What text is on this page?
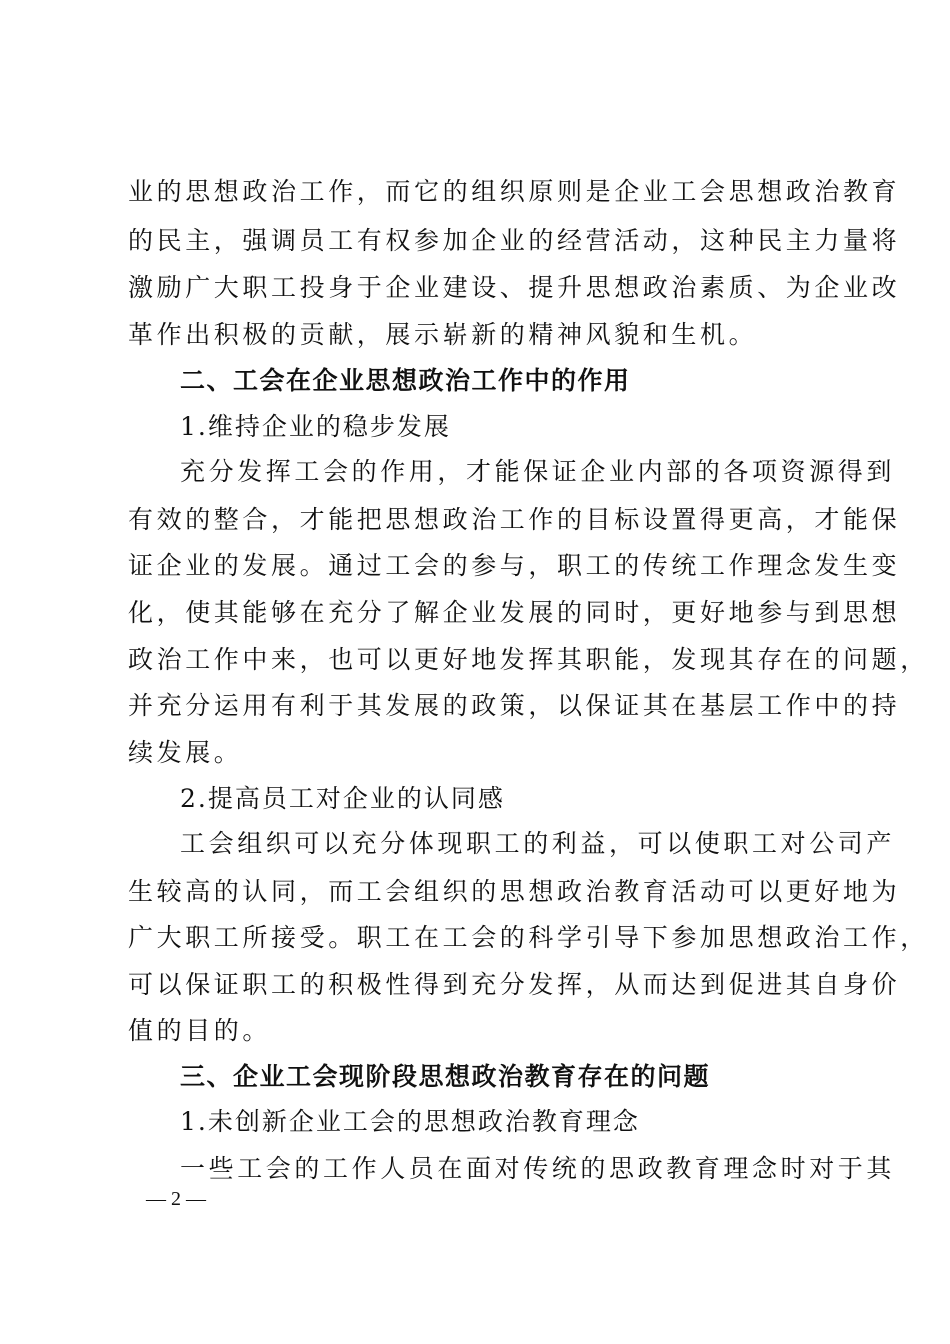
业的思想政治工作，而它的组织原则是企业工会思想政治教育
的民主，强调员工有权参加企业的经营活动，这种民主力量将
激励广大职工投身于企业建设、提升思想政治素质、为企业改
革作出积极的贡献，展示崭新的精神风貌和生机。
二、工会在企业思想政治工作中的作用
1.维持企业的稳步发展
充分发挥工会的作用，才能保证企业内部的各项资源得到
有效的整合，才能把思想政治工作的目标设置得更高，才能保
证企业的发展。通过工会的参与，职工的传统工作理念发生变
化，使其能够在充分了解企业发展的同时，更好地参与到思想
政治工作中来，也可以更好地发挥其职能，发现其存在的问题，
并充分运用有利于其发展的政策，以保证其在基层工作中的持
续发展。
2.提高员工对企业的认同感
工会组织可以充分体现职工的利益，可以使职工对公司产
生较高的认同，而工会组织的思想政治教育活动可以更好地为
广大职工所接受。职工在工会的科学引导下参加思想政治工作，
可以保证职工的积极性得到充分发挥，从而达到促进其自身价
值的目的。
三、企业工会现阶段思想政治教育存在的问题
1.未创新企业工会的思想政治教育理念
一些工会的工作人员在面对传统的思政教育理念时对于其
— 2 —
